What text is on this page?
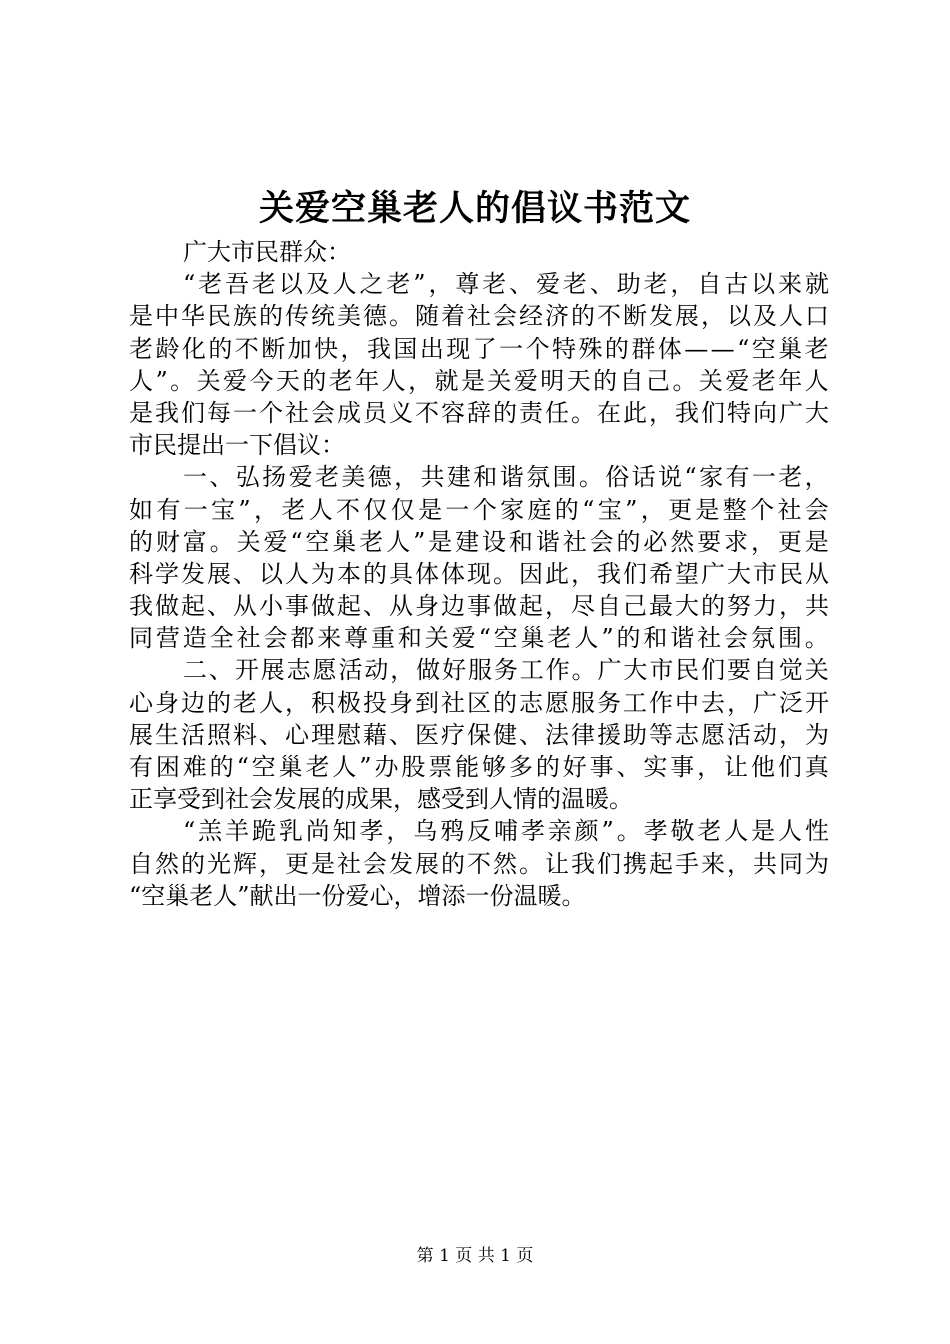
关爱空巢老人的倡议书范文
广大市民群众：
“ 老 吾 老 以 及 人 之 老 ” ， 尊 老 、 爱 老 、 助 老 ， 自 古 以 来 就
是 中 华 民 族 的 传 统 美 德 。 随 着 社 会 经 济 的 不 断 发 展 ， 以 及 人 口
老 龄 化 的 不 断 加 快 ， 我 国 出 现 了 一 个 特 殊 的 群 体 — — “ 空 巢 老
人 ” 。 关 爱 今 天 的 老 年 人 ， 就 是 关 爱 明 天 的 自 己 。 关 爱 老 年 人
是 我 们 每 一 个 社 会 成 员 义 不 容 辞 的 责 任 。 在 此 ， 我 们 特 向 广 大
市民提出一下倡议：
一 、 弘 扬 爱 老 美 德 ， 共 建 和 谐 氛 围 。 俗 话 说 “ 家 有 一 老 ，
如 有 一 宝 ” ， 老 人 不 仅 仅 是 一 个 家 庭 的 “ 宝 ” ， 更 是 整 个 社 会
的 财 富 。 关 爱 “ 空 巢 老 人 ” 是 建 设 和 谐 社 会 的 必 然 要 求 ， 更 是
科 学 发 展 、 以 人 为 本 的 具 体 体 现 。 因 此 ， 我 们 希 望 广 大 市 民 从
我 做 起 、 从 小 事 做 起 、 从 身 边 事 做 起 ， 尽 自 己 最 大 的 努 力 ， 共
同 营 造 全 社 会 都 来 尊 重 和 关 爱 “ 空 巢 老 人 ” 的 和 谐 社 会 氛 围 。
二 、 开 展 志 愿 活 动 ， 做 好 服 务 工 作 。 广 大 市 民 们 要 自 觉 关
心 身 边 的 老 人 ， 积 极 投 身 到 社 区 的 志 愿 服 务 工 作 中 去 ， 广 泛 开
展 生 活 照 料 、 心 理 慰 藉 、 医 疗 保 健 、 法 律 援 助 等 志 愿 活 动 ， 为
有 困 难 的 “ 空 巢 老 人 ” 办 股 票 能 够 多 的 好 事 、 实 事 ， 让 他 们 真
正享受到社会发展的成果，感受到人情的温暖。
“ 羔 羊 跪 乳 尚 知 孝 ， 乌 鸦 反 哺 孝 亲 颜 ” 。 孝 敬 老 人 是 人 性
自 然 的 光 辉 ， 更 是 社 会 发 展 的 不 然 。 让 我 们 携 起 手 来 ， 共 同 为
“空巢老人”献出一份爱心，增添一份温暖。
第 1 页 共 1 页
